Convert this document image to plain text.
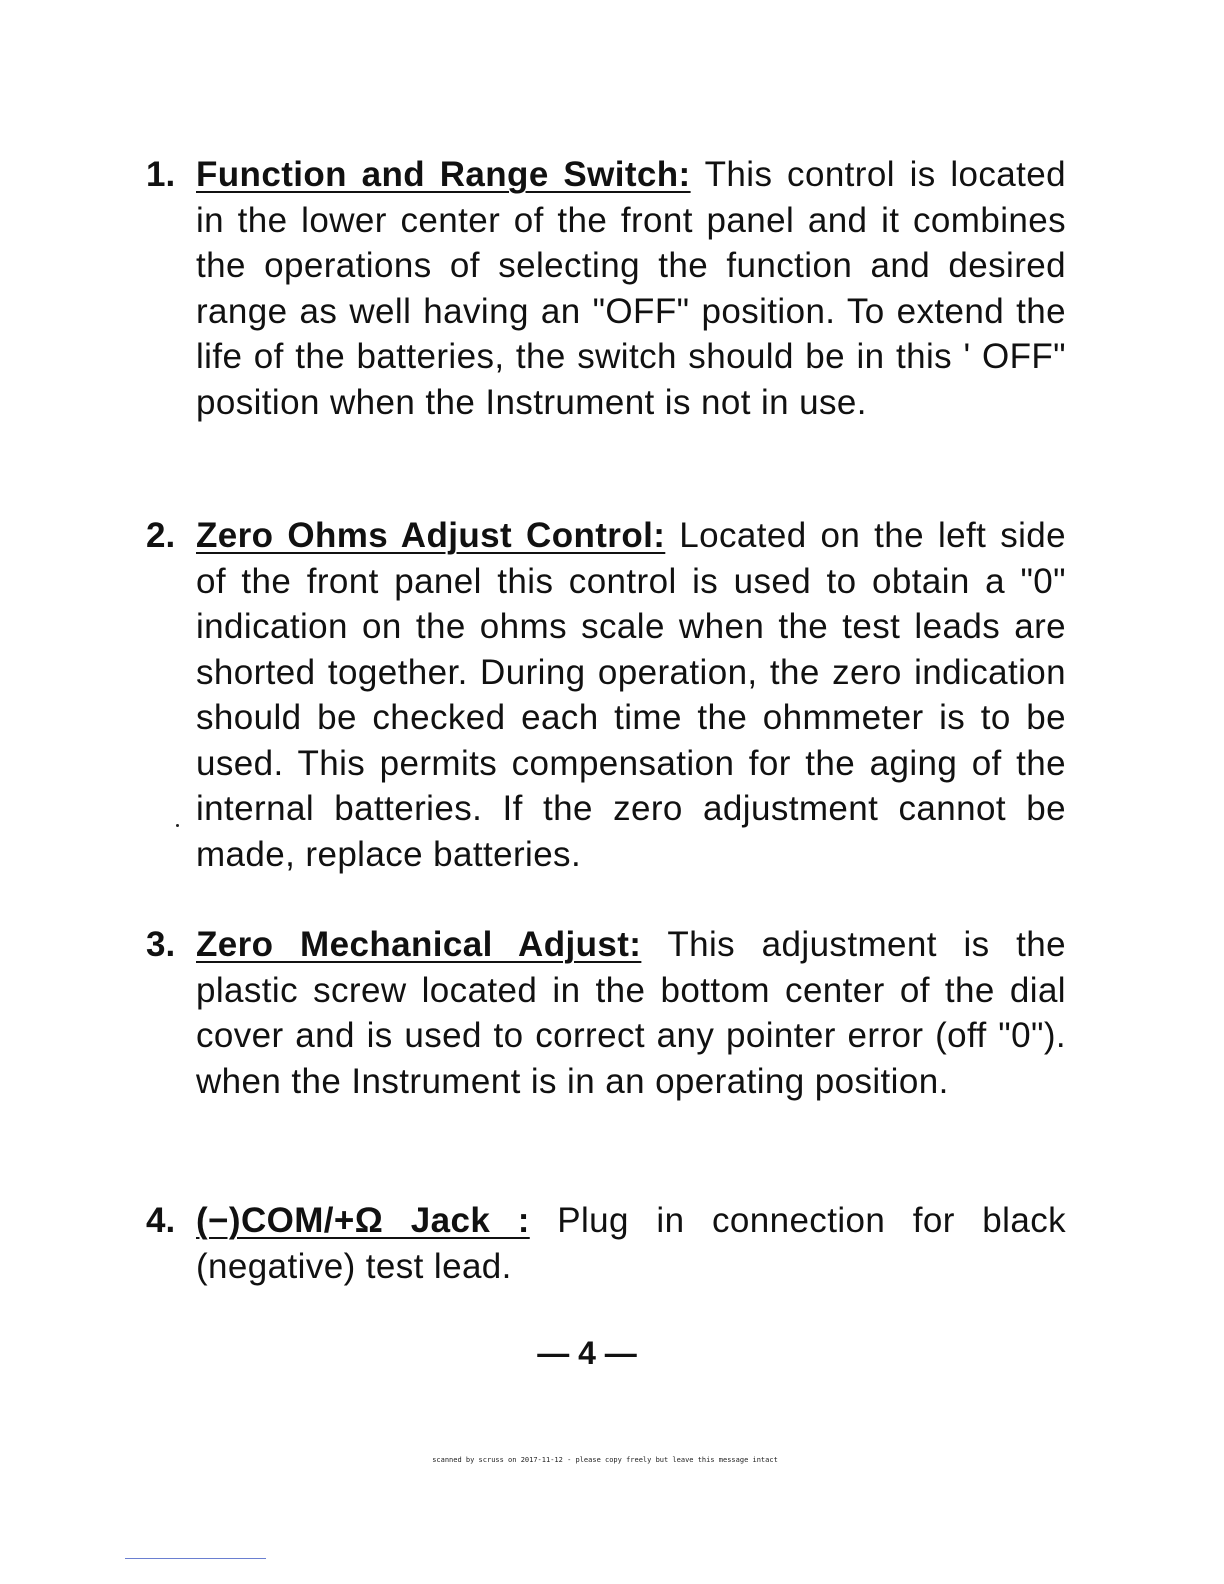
1. Function and Range Switch: This control is located in the lower center of the front panel and it combines the operations of selecting the function and desired range as well having an "OFF" position. To extend the life of the batteries, the switch should be in this ' OFF" position when the Instrument is not in use.
2. Zero Ohms Adjust Control: Located on the left side of the front panel this control is used to obtain a "0" indication on the ohms scale when the test leads are shorted together. During operation, the zero indication should be checked each time the ohmmeter is to be used. This permits compensation for the aging of the internal batteries. If the zero adjustment cannot be made, replace batteries.
3. Zero Mechanical Adjust: This adjustment is the plastic screw located in the bottom center of the dial cover and is used to correct any pointer error (off "0"). when the Instrument is in an operating position.
4. (−)COM/+Ω Jack : Plug in connection for black (negative) test lead.
— 4 —
scanned by scruss on 2017-11-12 - please copy freely but leave this message intact
